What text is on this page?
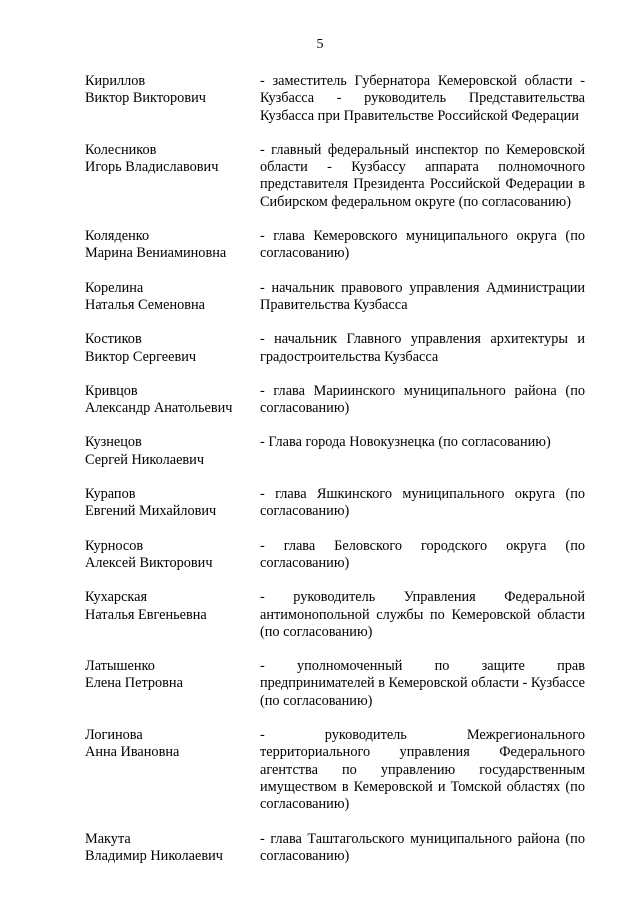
5
Кириллов
Виктор Викторович
- заместитель Губернатора Кемеровской области - Кузбасса - руководитель Представительства Кузбасса при Правительстве Российской Федерации
Колесников
Игорь Владиславович
- главный федеральный инспектор по Кемеровской области - Кузбассу аппарата полномочного представителя Президента Российской Федерации в Сибирском федеральном округе (по согласованию)
Коляденко
Марина Вениаминовна
- глава Кемеровского муниципального округа (по согласованию)
Корелина
Наталья Семеновна
- начальник правового управления Администрации Правительства Кузбасса
Костиков
Виктор Сергеевич
- начальник Главного управления архитектуры и градостроительства Кузбасса
Кривцов
Александр Анатольевич
- глава Мариинского муниципального района (по согласованию)
Кузнецов
Сергей Николаевич
- Глава города Новокузнецка (по согласованию)
Курапов
Евгений Михайлович
- глава Яшкинского муниципального округа (по согласованию)
Курносов
Алексей Викторович
- глава Беловского городского округа (по согласованию)
Кухарская
Наталья Евгеньевна
- руководитель Управления Федеральной антимонопольной службы по Кемеровской области (по согласованию)
Латышенко
Елена Петровна
- уполномоченный по защите прав предпринимателей в Кемеровской области - Кузбассе (по согласованию)
Логинова
Анна Ивановна
- руководитель Межрегионального территориального управления Федерального агентства по управлению государственным имуществом в Кемеровской и Томской областях (по согласованию)
Макута
Владимир Николаевич
- глава Таштагольского муниципального района (по согласованию)
